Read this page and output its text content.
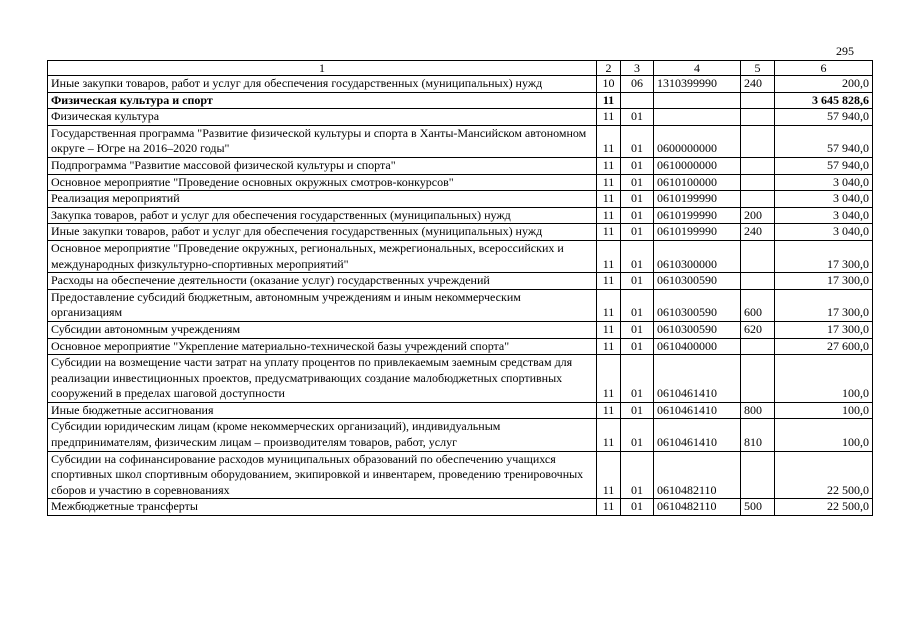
295
1	2	3	4	5	6
Иные закупки товаров, работ и услуг для обеспечения государственных (муниципальных) нужд	10	06	1310399990	240	200,0
Физическая культура и спорт	11				3 645 828,6
Физическая культура	11	01			57 940,0
Государственная программа "Развитие физической культуры и спорта в Ханты-Мансийском автономном округе – Югре на 2016–2020 годы"	11	01	0600000000		57 940,0
Подпрограмма "Развитие массовой физической культуры и спорта"	11	01	0610000000		57 940,0
Основное мероприятие "Проведение основных окружных смотров-конкурсов"	11	01	0610100000		3 040,0
Реализация мероприятий	11	01	0610199990		3 040,0
Закупка товаров, работ и услуг для обеспечения государственных (муниципальных) нужд	11	01	0610199990	200	3 040,0
Иные закупки товаров, работ и услуг для обеспечения государственных (муниципальных) нужд	11	01	0610199990	240	3 040,0
Основное мероприятие "Проведение окружных, региональных, межрегиональных, всероссийских и международных физкультурно-спортивных мероприятий"	11	01	0610300000		17 300,0
Расходы на обеспечение деятельности (оказание услуг) государственных учреждений	11	01	0610300590		17 300,0
Предоставление субсидий бюджетным, автономным учреждениям и иным некоммерческим организациям	11	01	0610300590	600	17 300,0
Субсидии автономным учреждениям	11	01	0610300590	620	17 300,0
Основное мероприятие "Укрепление материально-технической базы учреждений спорта"	11	01	0610400000		27 600,0
Субсидии на возмещение части затрат на уплату процентов по привлекаемым заемным средствам для реализации инвестиционных проектов, предусматривающих создание малобюджетных спортивных сооружений в пределах шаговой доступности	11	01	0610461410		100,0
Иные бюджетные ассигнования	11	01	0610461410	800	100,0
Субсидии юридическим лицам (кроме некоммерческих организаций), индивидуальным предпринимателям, физическим лицам – производителям товаров, работ, услуг	11	01	0610461410	810	100,0
Субсидии на софинансирование расходов муниципальных образований по обеспечению учащихся спортивных школ спортивным оборудованием, экипировкой и инвентарем, проведению тренировочных сборов и участию в соревнованиях	11	01	0610482110		22 500,0
Межбюджетные трансферты	11	01	0610482110	500	22 500,0
